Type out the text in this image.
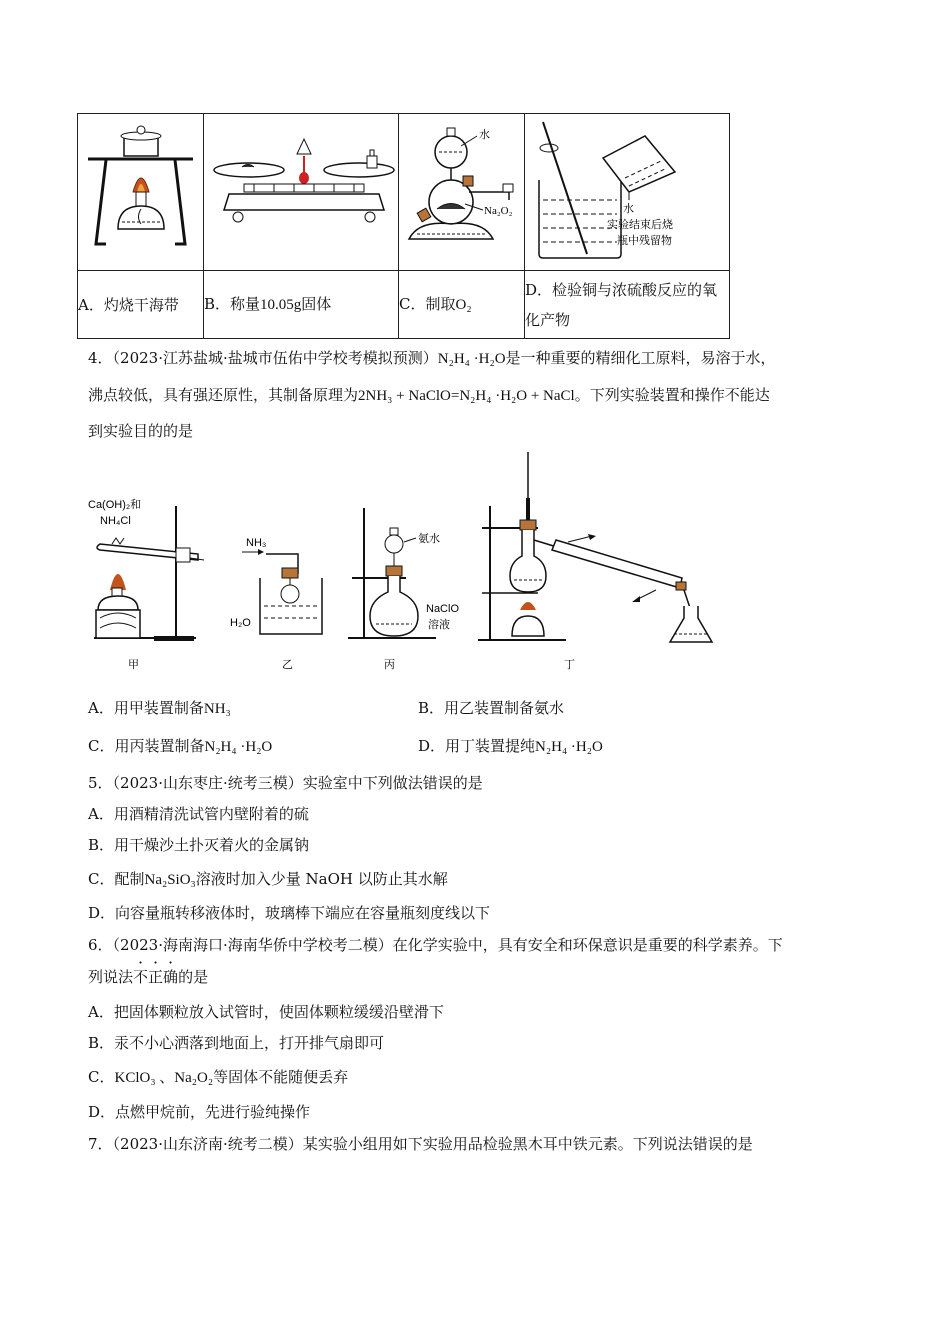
水
Na₂O₂	水
实验结束后烧
瓶中残留物

A．灼烧干海带	B．称量10.05g固体	C．制取O₂	D．检验铜与浓硫酸反应的氧化产物
4．（2023·江苏盐城·盐城市伍佑中学校考模拟预测）N₂H₄ ·H₂O是一种重要的精细化工原料，易溶于水，
沸点较低，具有强还原性，其制备原理为2NH₃ + NaClO=N₂H₄ ·H₂O + NaCl。下列实验装置和操作不能达
到实验目的的是
Ca(OH)₂和
NH₄Cl
甲
NH₃
H₂O
乙
氨水
NaClO
溶液
丙	丁
A．用甲装置制备NH₃	B．用乙装置制备氨水
C．用丙装置制备N₂H₄ ·H₂O	D．用丁装置提纯N₂H₄ ·H₂O
5．（2023·山东枣庄·统考三模）实验室中下列做法错误的是
A．用酒精清洗试管内壁附着的硫
B．用干燥沙土扑灭着火的金属钠
C．配制Na₂SiO₃溶液时加入少量 NaOH 以防止其水解
D．向容量瓶转移液体时，玻璃棒下端应在容量瓶刻度线以下
6．（2023·海南海口·海南华侨中学校考二模）在化学实验中，具有安全和环保意识是重要的科学素养。下
列说法不正确的是
A．把固体颗粒放入试管时，使固体颗粒缓缓沿壁滑下
B．汞不小心洒落到地面上，打开排气扇即可
C．KClO₃ 、Na₂O₂等固体不能随便丢弃
D．点燃甲烷前，先进行验纯操作
7．（2023·山东济南·统考二模）某实验小组用如下实验用品检验黑木耳中铁元素。下列说法错误的是
